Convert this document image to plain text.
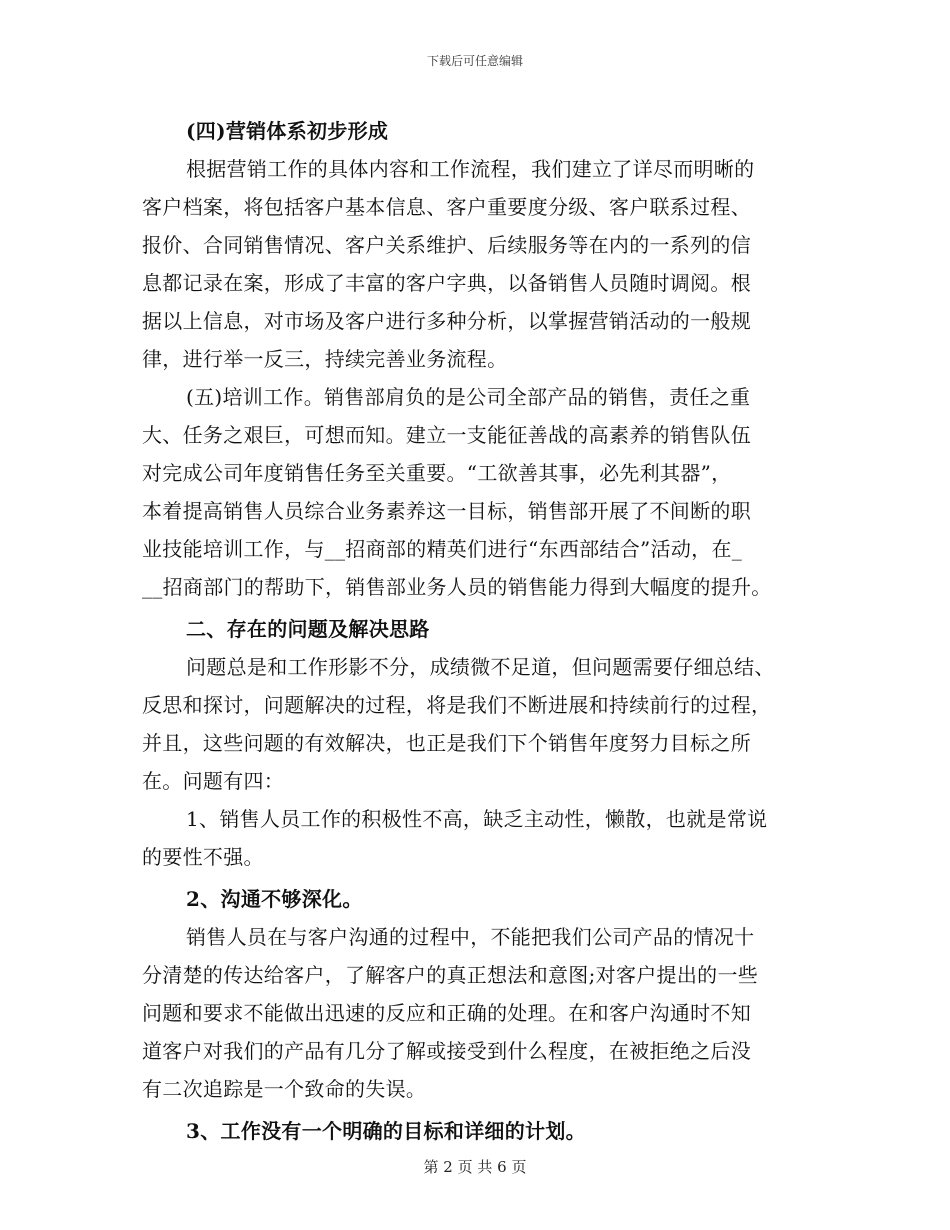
下载后可任意编辑
(四)营销体系初步形成
根据营销工作的具体内容和工作流程，我们建立了详尽而明晰的
客户档案，将包括客户基本信息、客户重要度分级、客户联系过程、
报价、合同销售情况、客户关系维护、后续服务等在内的一系列的信
息都记录在案，形成了丰富的客户字典，以备销售人员随时调阅。根
据以上信息，对市场及客户进行多种分析，以掌握营销活动的一般规
律，进行举一反三，持续完善业务流程。
(五)培训工作。销售部肩负的是公司全部产品的销售，责任之重
大、任务之艰巨，可想而知。建立一支能征善战的高素养的销售队伍
对完成公司年度销售任务至关重要。“工欲善其事，必先利其器”，
本着提高销售人员综合业务素养这一目标，销售部开展了不间断的职
业技能培训工作，与__招商部的精英们进行“东西部结合”活动，在_
__招商部门的帮助下，销售部业务人员的销售能力得到大幅度的提升。
二、存在的问题及解决思路
问题总是和工作形影不分，成绩微不足道，但问题需要仔细总结、
反思和探讨，问题解决的过程，将是我们不断进展和持续前行的过程，
并且，这些问题的有效解决，也正是我们下个销售年度努力目标之所
在。问题有四：
1、销售人员工作的积极性不高，缺乏主动性，懒散，也就是常说
的要性不强。
2、沟通不够深化。
销售人员在与客户沟通的过程中，不能把我们公司产品的情况十
分清楚的传达给客户，了解客户的真正想法和意图;对客户提出的一些
问题和要求不能做出迅速的反应和正确的处理。在和客户沟通时不知
道客户对我们的产品有几分了解或接受到什么程度，在被拒绝之后没
有二次追踪是一个致命的失误。
3、工作没有一个明确的目标和详细的计划。
第 2 页 共 6 页
